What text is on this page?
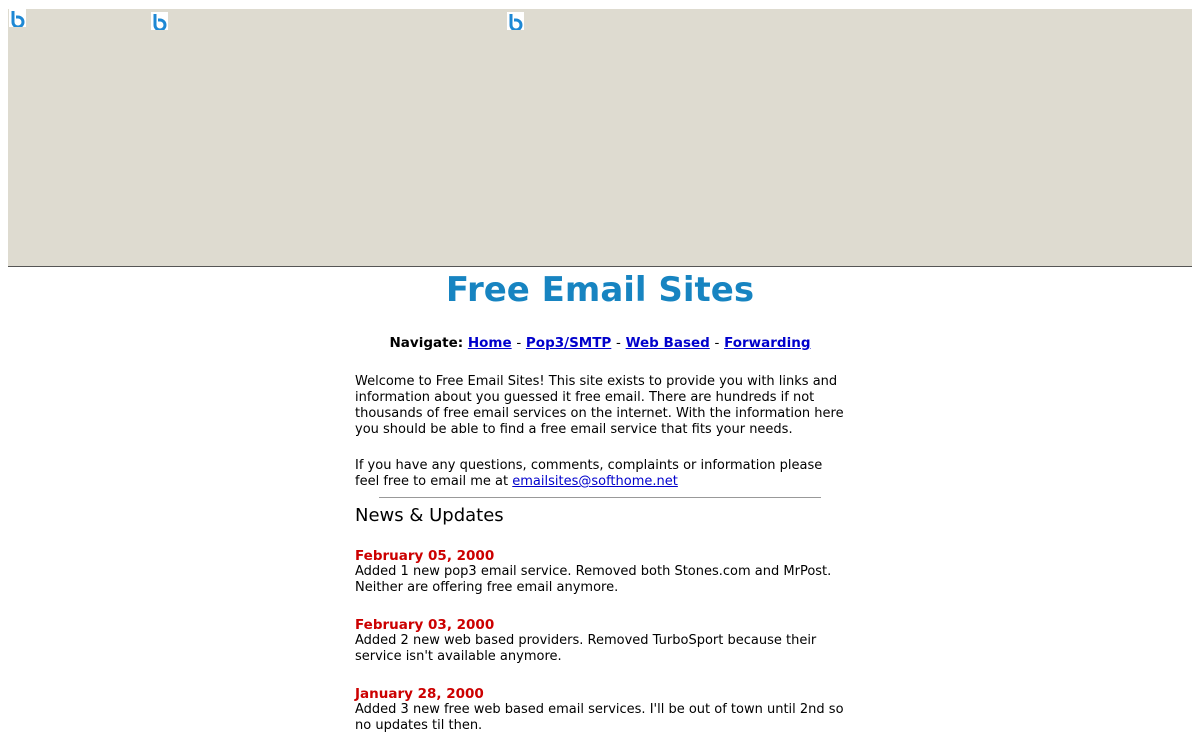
Free Email Sites
Navigate: Home - Pop3/SMTP - Web Based - Forwarding

Welcome to Free Email Sites! This site exists to provide you with links and information about you guessed it free email. There are hundreds if not thousands of free email services on the internet. With the information here you should be able to find a free email service that fits your needs.

If you have any questions, comments, complaints or information please feel free to email me at emailsites@softhome.net

News & Updates
February 05, 2000
Added 1 new pop3 email service. Removed both Stones.com and MrPost. Neither are offering free email anymore.
February 03, 2000
Added 2 new web based providers. Removed TurboSport because their service isn't available anymore.
January 28, 2000
Added 3 new free web based email services. I'll be out of town until 2nd so no updates til then.
